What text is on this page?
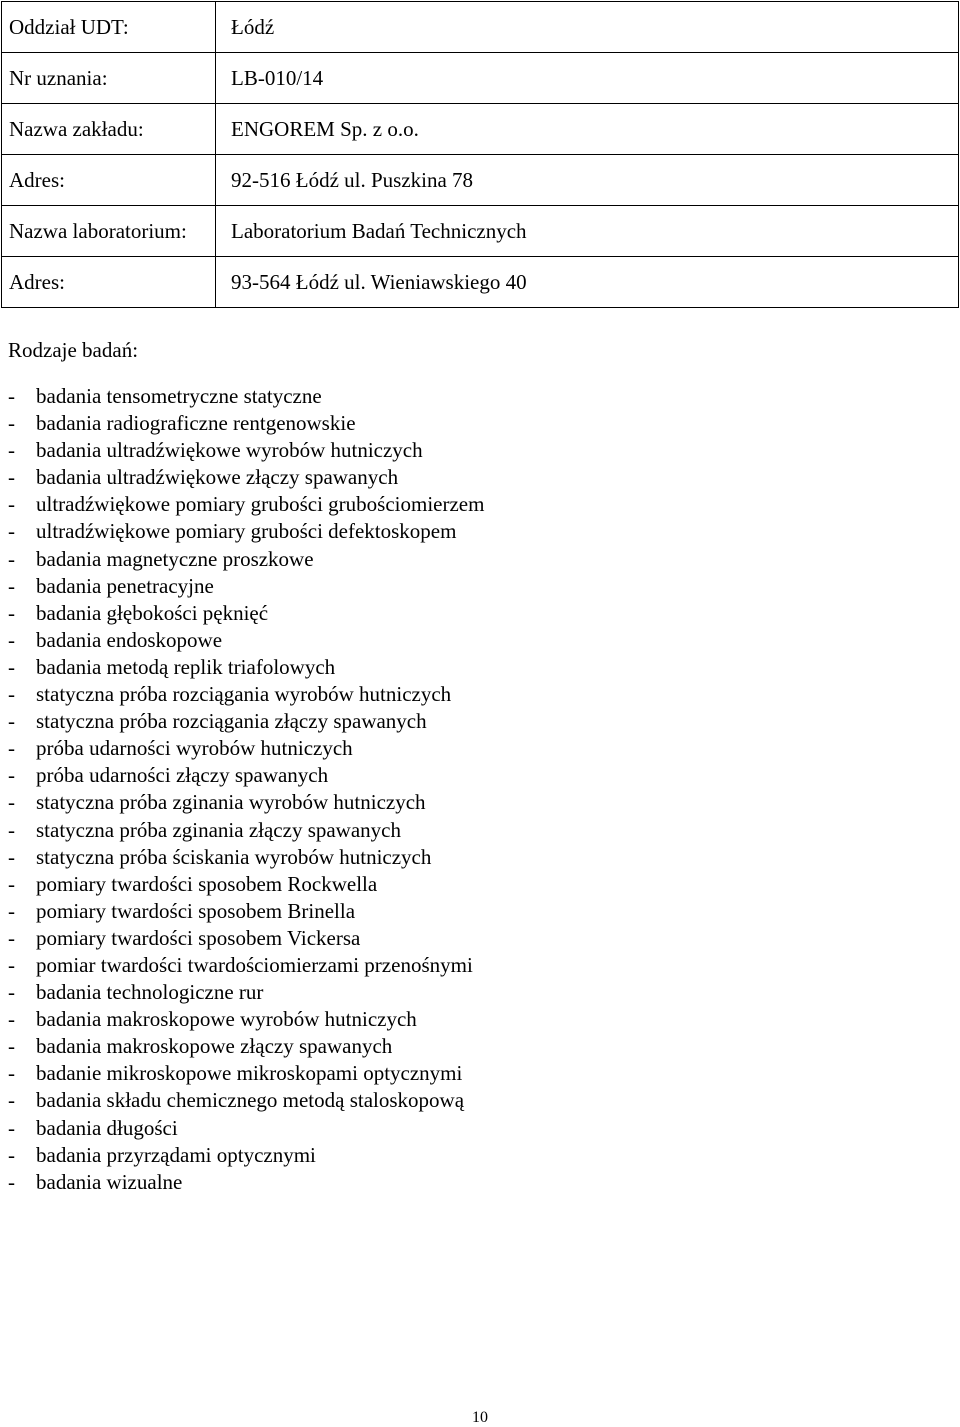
Oddział UDT:	Łódź
Nr uznania:	LB-010/14
Nazwa zakładu:	ENGOREM Sp. z o.o.
Adres:	92-516 Łódź ul. Puszkina 78
Nazwa laboratorium:	Laboratorium Badań Technicznych
Adres:	93-564 Łódź ul. Wieniawskiego 40
Rodzaje badań:
- badania tensometryczne statyczne
- badania radiograficzne rentgenowskie
- badania ultradźwiękowe wyrobów hutniczych
- badania ultradźwiękowe złączy spawanych
- ultradźwiękowe pomiary grubości grubościomierzem
- ultradźwiękowe pomiary grubości defektoskopem
- badania magnetyczne proszkowe
- badania penetracyjne
- badania głębokości pęknięć
- badania endoskopowe
- badania metodą replik triafolowych
- statyczna próba rozciągania wyrobów hutniczych
- statyczna próba rozciągania złączy spawanych
- próba udarności wyrobów hutniczych
- próba udarności złączy spawanych
- statyczna próba zginania wyrobów hutniczych
- statyczna próba zginania złączy spawanych
- statyczna próba ściskania wyrobów hutniczych
- pomiary twardości sposobem Rockwella
- pomiary twardości sposobem Brinella
- pomiary twardości sposobem Vickersa
- pomiar twardości twardościomierzami przenośnymi
- badania technologiczne rur
- badania makroskopowe wyrobów hutniczych
- badania makroskopowe złączy spawanych
- badanie mikroskopowe mikroskopami optycznymi
- badania składu chemicznego metodą staloskopową
- badania długości
- badania przyrządami optycznymi
- badania wizualne
10
